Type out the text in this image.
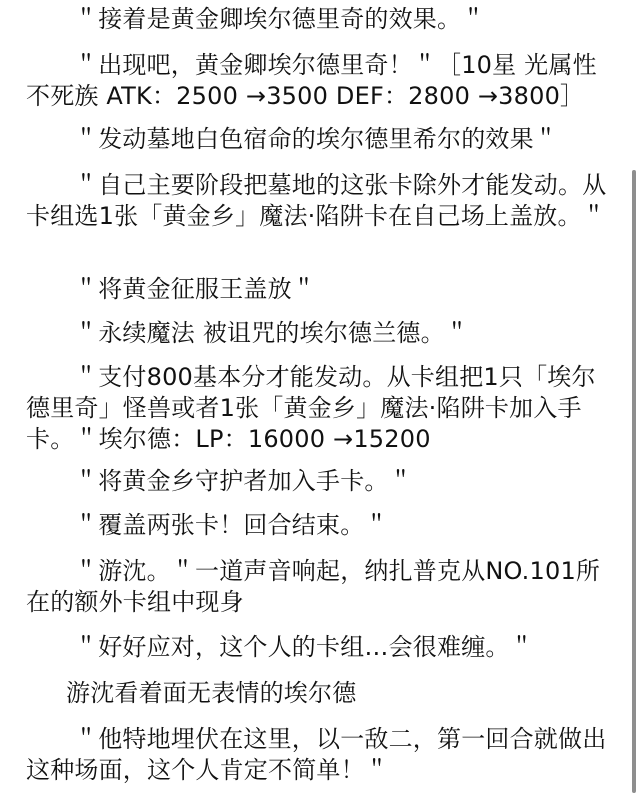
＂接着是黄金卿埃尔德里奇的效果。＂

＂出现吧，黄金卿埃尔德里奇！＂［10星 光属性 不死族 ATK：2500 →3500 DEF：2800 →3800］

＂发动墓地白色宿命的埃尔德里希尔的效果＂

＂自己主要阶段把墓地的这张卡除外才能发动。从卡组选1张「黄金乡」魔法·陷阱卡在自己场上盖放。＂

＂将黄金征服王盖放＂

＂永续魔法 被诅咒的埃尔德兰德。＂

＂支付800基本分才能发动。从卡组把1只「埃尔德里奇」怪兽或者1张「黄金乡」魔法·陷阱卡加入手卡。＂埃尔德：LP：16000 →15200

＂将黄金乡守护者加入手卡。＂

＂覆盖两张卡！回合结束。＂

＂游沈。＂一道声音响起，纳扎普克从NO.101所在的额外卡组中现身

＂好好应对，这个人的卡组…会很难缠。＂

游沈看着面无表情的埃尔德

＂他特地埋伏在这里，以一敌二，第一回合就做出这种场面，这个人肯定不简单！＂
